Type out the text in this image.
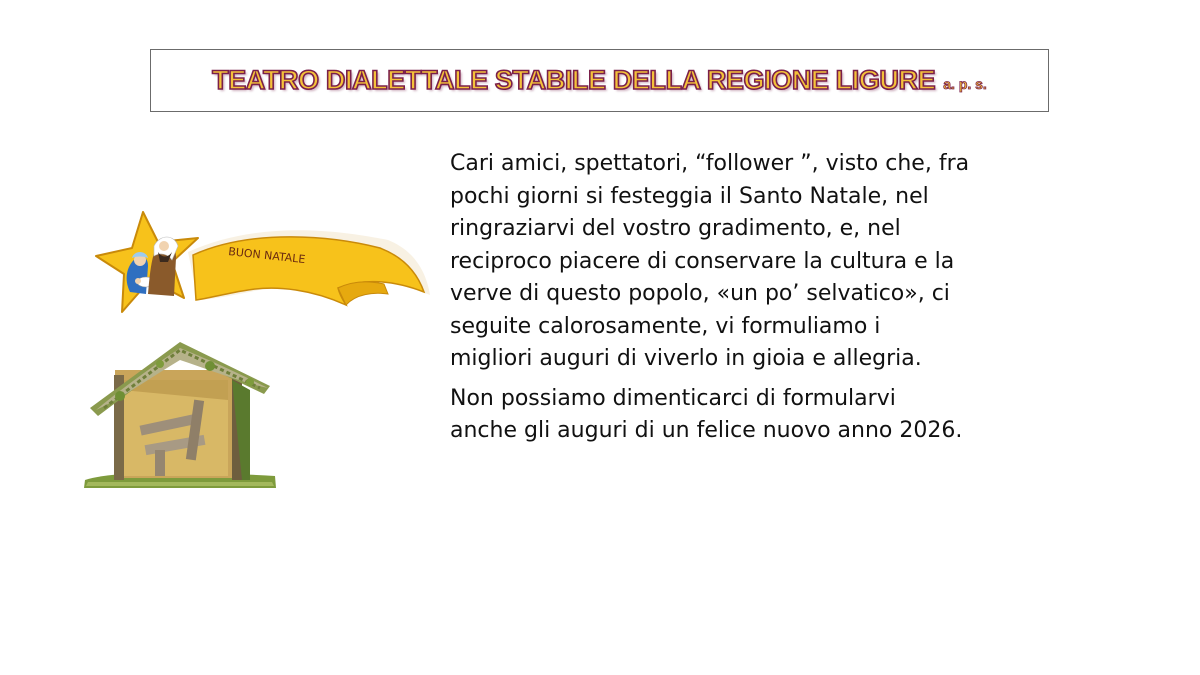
TEATRO DIALETTALE STABILE DELLA REGIONE LIGURE a. p. s.
BUON NATALE

Cari amici, spettatori, “follower ”, visto che, fra
pochi giorni si festeggia il Santo Natale, nel
ringraziarvi del vostro gradimento, e, nel
reciproco piacere di conservare la cultura e la
verve di questo popolo, «un po’ selvatico», ci
seguite calorosamente, vi formuliamo i
migliori auguri di viverlo in gioia e allegria.

Non possiamo dimenticarci di formularvi
anche gli auguri di un felice nuovo anno 2026.
